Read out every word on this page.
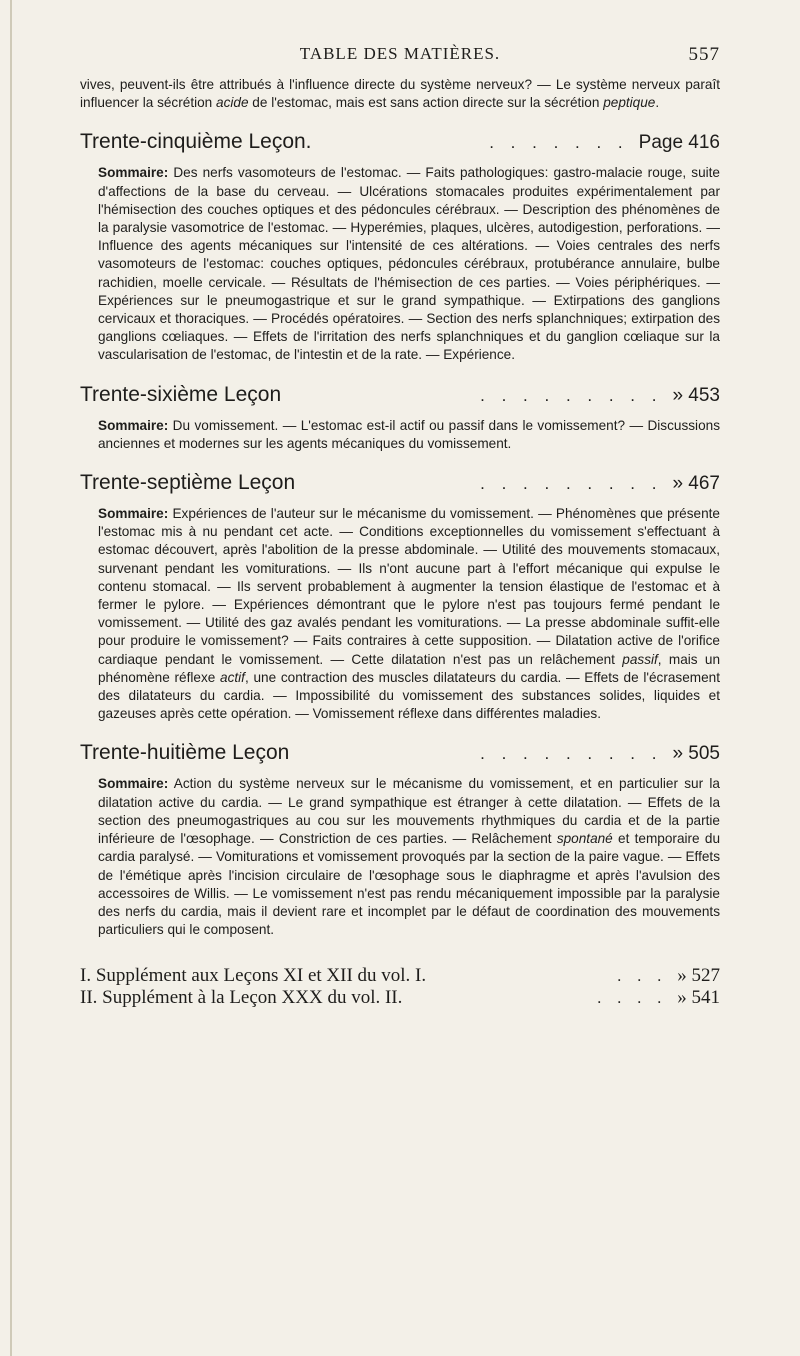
TABLE DES MATIÈRES.	557

vives, peuvent-ils être attribués à l'influence directe du système nerveux? — Le système nerveux paraît influencer la sécrétion acide de l'estomac, mais est sans action directe sur la sécrétion peptique.

Trente-cinquième Leçon.	. . . . . . . Page 416

Sommaire: Des nerfs vasomoteurs de l'estomac. — Faits pathologiques: gastro-malacie rouge, suite d'affections de la base du cerveau. — Ulcérations stomacales produites expérimentalement par l'hémisection des couches optiques et des pédoncules cérébraux. — Description des phénomènes de la paralysie vasomotrice de l'estomac. — Hyperémies, plaques, ulcères, autodigestion, perforations. — Influence des agents mécaniques sur l'intensité de ces altérations. — Voies centrales des nerfs vasomoteurs de l'estomac: couches optiques, pédoncules cérébraux, protubérance annulaire, bulbe rachidien, moelle cervicale. — Résultats de l'hémisection de ces parties. — Voies périphériques. — Expériences sur le pneumogastrique et sur le grand sympathique. — Extirpations des ganglions cervicaux et thoraciques. — Procédés opératoires. — Section des nerfs splanchniques; extirpation des ganglions cœliaques. — Effets de l'irritation des nerfs splanchniques et du ganglion cœliaque sur la vascularisation de l'estomac, de l'intestin et de la rate. — Expérience.

Trente-sixième Leçon	. . . . . . . . . » 453

Sommaire: Du vomissement. — L'estomac est-il actif ou passif dans le vomissement? — Discussions anciennes et modernes sur les agents mécaniques du vomissement.

Trente-septième Leçon	. . . . . . . . . » 467

Sommaire: Expériences de l'auteur sur le mécanisme du vomissement. — Phénomènes que présente l'estomac mis à nu pendant cet acte. — Conditions exceptionnelles du vomissement s'effectuant à estomac découvert, après l'abolition de la presse abdominale. — Utilité des mouvements stomacaux, survenant pendant les vomiturations. — Ils n'ont aucune part à l'effort mécanique qui expulse le contenu stomacal. — Ils servent probablement à augmenter la tension élastique de l'estomac et à fermer le pylore. — Expériences démontrant que le pylore n'est pas toujours fermé pendant le vomissement. — Utilité des gaz avalés pendant les vomiturations. — La presse abdominale suffit-elle pour produire le vomissement? — Faits contraires à cette supposition. — Dilatation active de l'orifice cardiaque pendant le vomissement. — Cette dilatation n'est pas un relâchement passif, mais un phénomène réflexe actif, une contraction des muscles dilatateurs du cardia. — Effets de l'écrasement des dilatateurs du cardia. — Impossibilité du vomissement des substances solides, liquides et gazeuses après cette opération. — Vomissement réflexe dans différentes maladies.

Trente-huitième Leçon	. . . . . . . . . » 505

Sommaire: Action du système nerveux sur le mécanisme du vomissement, et en particulier sur la dilatation active du cardia. — Le grand sympathique est étranger à cette dilatation. — Effets de la section des pneumogastriques au cou sur les mouvements rhythmiques du cardia et de la partie inférieure de l'œsophage. — Constriction de ces parties. — Relâchement spontané et temporaire du cardia paralysé. — Vomiturations et vomissement provoqués par la section de la paire vague. — Effets de l'émétique après l'incision circulaire de l'œsophage sous le diaphragme et après l'avulsion des accessoires de Willis. — Le vomissement n'est pas rendu mécaniquement impossible par la paralysie des nerfs du cardia, mais il devient rare et incomplet par le défaut de coordination des mouvements particuliers qui le composent.

I. Supplément aux Leçons XI et XII du vol. I.	. . . » 527
II. Supplément à la Leçon XXX du vol. II.	. . . . » 541
